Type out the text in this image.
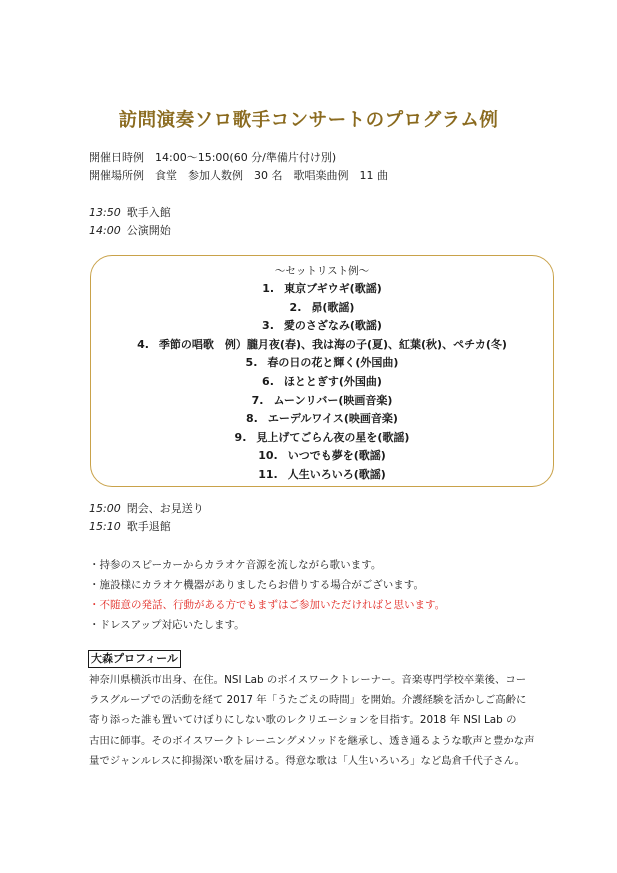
訪問演奏ソロ歌手コンサートのプログラム例
開催日時例　14:00～15:00(60 分/準備片付け別)
開催場所例　食堂　参加人数例　30 名　歌唱楽曲例　11 曲
13:50 歌手入館
14:00 公演開始
～セットリスト例～
1. 東京ブギウギ(歌謡)
2. 昴(歌謡)
3. 愛のさざなみ(歌謡)
4. 季節の唱歌　例）朧月夜(春)、我は海の子(夏)、紅葉(秋)、ペチカ(冬)
5. 春の日の花と輝く(外国曲)
6. ほととぎす(外国曲)
7. ムーンリバー(映画音楽)
8. エーデルワイス(映画音楽)
9. 見上げてごらん夜の星を(歌謡)
10. いつでも夢を(歌謡)
11. 人生いろいろ(歌謡)
15:00 閉会、お見送り
15:10 歌手退館
・持参のスピーカーからカラオケ音源を流しながら歌います。
・施設様にカラオケ機器がありましたらお借りする場合がございます。
・不随意の発話、行動がある方でもまずはご参加いただければと思います。
・ドレスアップ対応いたします。
大森プロフィール
神奈川県横浜市出身、在住。NSI Lab のボイスワークトレーナー。音楽専門学校卒業後、コー
ラスグループでの活動を経て 2017 年「うたごえの時間」を開始。介護経験を活かしご高齢に
寄り添った誰も置いてけぼりにしない歌のレクリエーションを目指す。2018 年 NSI Lab の
古田に師事。そのボイスワークトレーニングメソッドを継承し、透き通るような歌声と豊かな声
量でジャンルレスに抑揚深い歌を届ける。得意な歌は「人生いろいろ」など島倉千代子さん。
